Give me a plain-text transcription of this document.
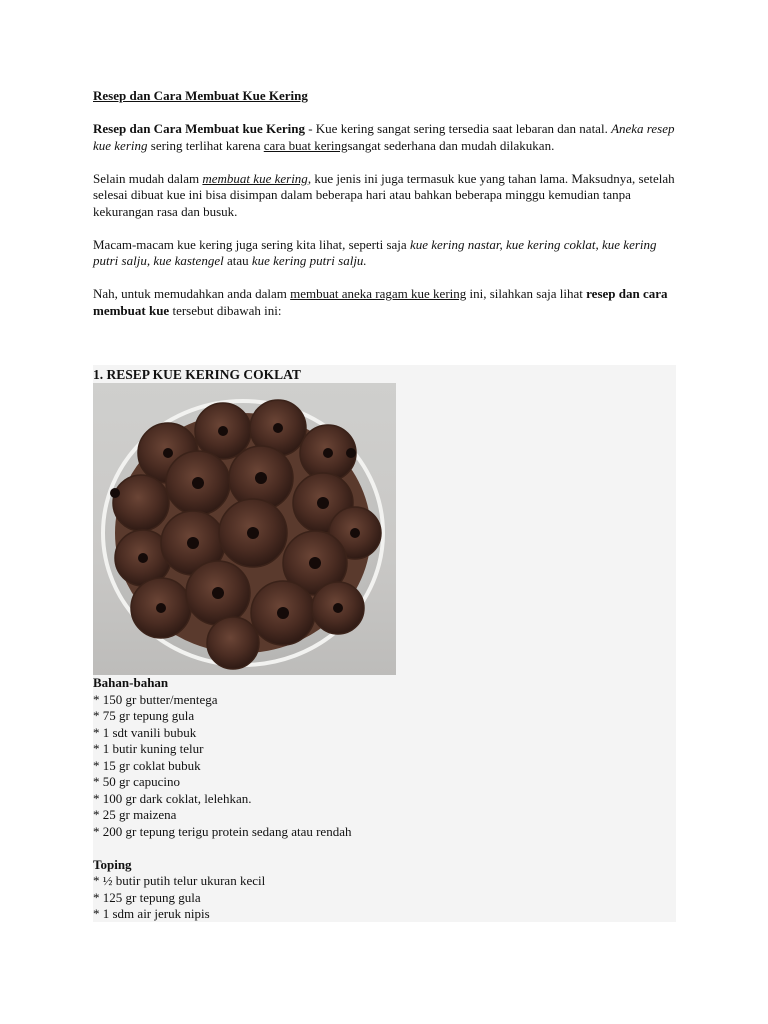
Resep dan Cara Membuat Kue Kering

Resep dan Cara Membuat kue Kering - Kue kering sangat sering tersedia saat lebaran dan natal. Aneka resep kue kering sering terlihat karena cara buat keringsangat sederhana dan mudah dilakukan.

Selain mudah dalam membuat kue kering, kue jenis ini juga termasuk kue yang tahan lama. Maksudnya, setelah selesai dibuat kue ini bisa disimpan dalam beberapa hari atau bahkan beberapa minggu kemudian tanpa kekurangan rasa dan busuk.

Macam-macam kue kering juga sering kita lihat, seperti saja kue kering nastar, kue kering coklat, kue kering putri salju, kue kastengel atau kue kering putri salju.

Nah, untuk memudahkan anda dalam membuat aneka ragam kue kering ini, silahkan saja lihat resep dan cara membuat kue tersebut dibawah ini:

1. RESEP KUE KERING COKLAT
Bahan-bahan
* 150 gr butter/mentega
* 75 gr tepung gula
* 1 sdt vanili bubuk
* 1 butir kuning telur
* 15 gr coklat bubuk
* 50 gr capucino
* 100 gr dark coklat, lelehkan.
* 25 gr maizena
* 200 gr tepung terigu protein sedang atau rendah
Toping
* ½ butir putih telur ukuran kecil
* 125 gr tepung gula
* 1 sdm air jeruk nipis
